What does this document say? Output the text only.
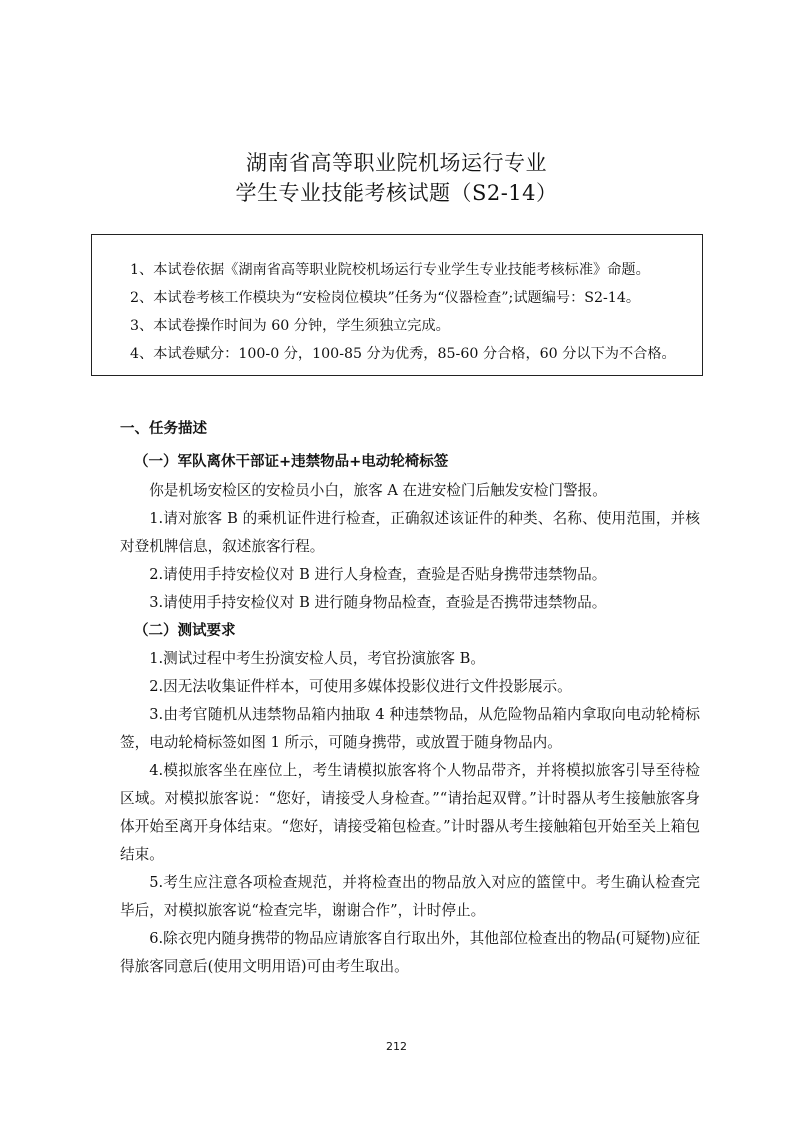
湖南省高等职业院机场运行专业
学生专业技能考核试题（S2-14）
1、本试卷依据《湖南省高等职业院校机场运行专业学生专业技能考核标准》命题。
2、本试卷考核工作模块为“安检岗位模块”任务为“仪器检查”;试题编号：S2-14。
3、本试卷操作时间为 60 分钟，学生须独立完成。
4、本试卷赋分：100-0 分，100-85 分为优秀，85-60 分合格，60 分以下为不合格。
一、任务描述
（一）军队离休干部证+违禁物品+电动轮椅标签

你是机场安检区的安检员小白，旅客 A 在进安检门后触发安检门警报。

1.请对旅客 B 的乘机证件进行检查，正确叙述该证件的种类、名称、使用范围，并核对登机牌信息，叙述旅客行程。

2.请使用手持安检仪对 B 进行人身检查，查验是否贴身携带违禁物品。

3.请使用手持安检仪对 B 进行随身物品检查，查验是否携带违禁物品。

（二）测试要求

1.测试过程中考生扮演安检人员，考官扮演旅客 B。

2.因无法收集证件样本，可使用多媒体投影仪进行文件投影展示。

3.由考官随机从违禁物品箱内抽取 4 种违禁物品，从危险物品箱内拿取向电动轮椅标签，电动轮椅标签如图 1 所示，可随身携带，或放置于随身物品内。

4.模拟旅客坐在座位上，考生请模拟旅客将个人物品带齐，并将模拟旅客引导至待检区域。对模拟旅客说：“您好，请接受人身检查。”“请抬起双臂。”计时器从考生接触旅客身体开始至离开身体结束。“您好，请接受箱包检查。”计时器从考生接触箱包开始至关上箱包结束。

5.考生应注意各项检查规范，并将检查出的物品放入对应的篮筐中。考生确认检查完毕后，对模拟旅客说“检查完毕，谢谢合作”，计时停止。

6.除衣兜内随身携带的物品应请旅客自行取出外，其他部位检查出的物品(可疑物)应征得旅客同意后(使用文明用语)可由考生取出。

212
